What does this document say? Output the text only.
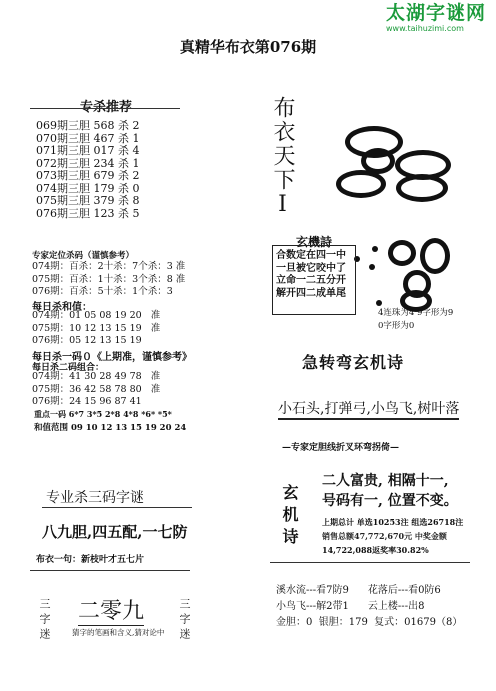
太湖字谜网
www.taihuzimi.com
真精华布衣第076期
专杀推荐
069期三胆 568 杀 2
070期三胆 467 杀 1
071期三胆 017 杀 4
072期三胆 234 杀 1
073期三胆 679 杀 2
074期三胆 179 杀 0
075期三胆 379 杀 8
076期三胆 123 杀 5
专家定位杀码（谨慎参考）
074期：百杀：2十杀：7个杀：3 准
075期：百杀：1十杀：3个杀：8 准
076期：百杀：5十杀：1个杀：3
每日杀和值：
074期：01 05 08 19 20   准
075期：10 12 13 15 19   准
076期：05 12 13 15 19
每日杀一码０《上期准，谨慎参考》
每日杀二码组合：
074期：41 30 28 49 78   准
075期：36 42 58 78 80   准
076期：24 15 96 87 41
重点一码 6*7 3*5 2*8 4*8 *6* *5*
和值范围 09 10 12 13 15 19 20 24
专业杀三码字谜
八九胆,四五配,一七防
布衣一句：新枝叶才五七片
三字迷	三字迷
二零九
猜字的笔画和含义,猜对论中
布衣天下Ⅰ
玄機詩
合数定在四一中
一旦被它咬中了
立命一二五分开
解开四二成单尾
4连珠为4 9字形为9
0字形为0
急转弯玄机诗
小石头,打弹弓,小鸟飞,树叶落
—专家定胆线折叉环弯拐倚—
玄机诗
二人富贵, 相隔十一,
号码有一, 位置不变。
上期总计 单选10253注 组选26718注
销售总额47,772,670元 中奖金额
14,722,088返奖率30.82%
溪水流---看7防9      花落后---看0防6
小鸟飞---解2带1      云上楼---出8
金胆：0  银胆：179  复式：01679（8）
